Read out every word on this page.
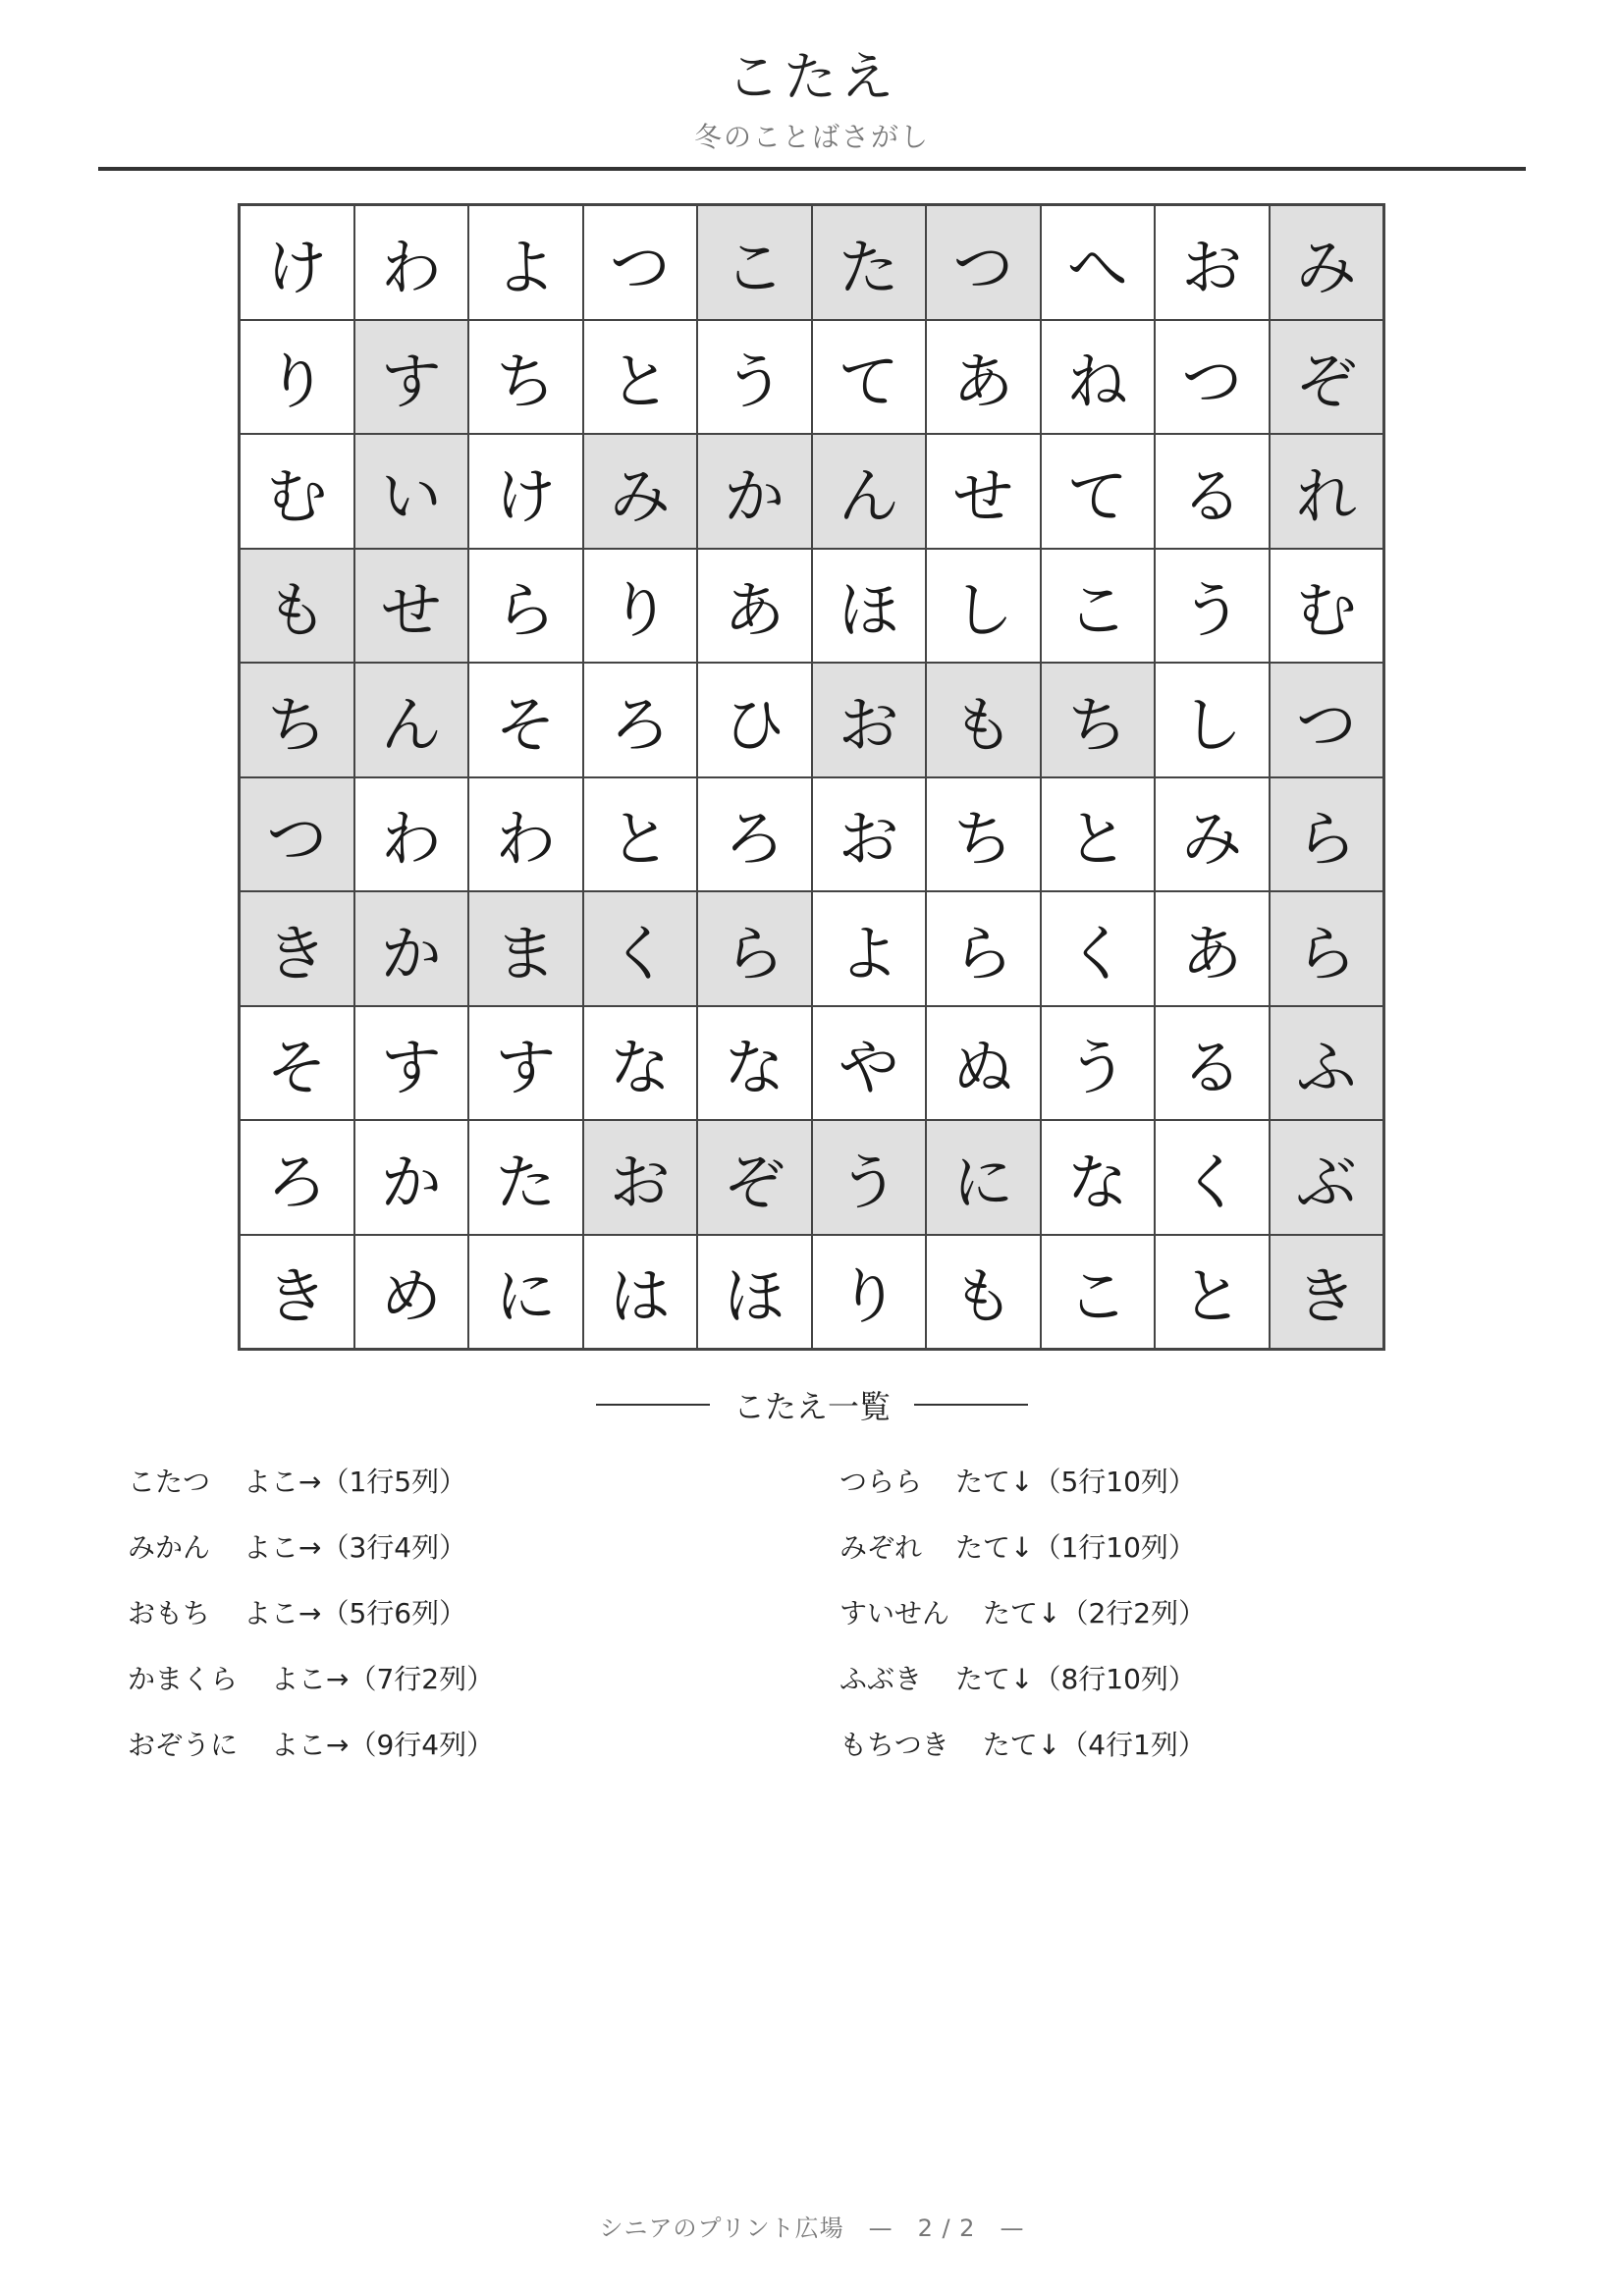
こたえ
冬のことばさがし
け わ よ つ こ た つ へ お み
り す ち と う て あ ね つ ぞ
む い け み か ん せ て る れ
も せ ら り あ ほ し こ う む
ち ん そ ろ ひ お も ち し つ
つ わ わ と ろ お ち と み ら
き か ま く ら よ ら く あ ら
そ す す な な や ぬ う る ふ
ろ か た お ぞ う に な く ぶ
き め に は ほ り も こ と き
こたえ一覧
こたつ よこ→（1行5列）
みかん よこ→（3行4列）
おもち よこ→（5行6列）
かまくら よこ→（7行2列）
おぞうに よこ→（9行4列）
つらら たて↓（5行10列）
みぞれ たて↓（1行10列）
すいせん たて↓（2行2列）
ふぶき たて↓（8行10列）
もちつき たて↓（4行1列）
シニアのプリント広場　—　2 / 2　—
